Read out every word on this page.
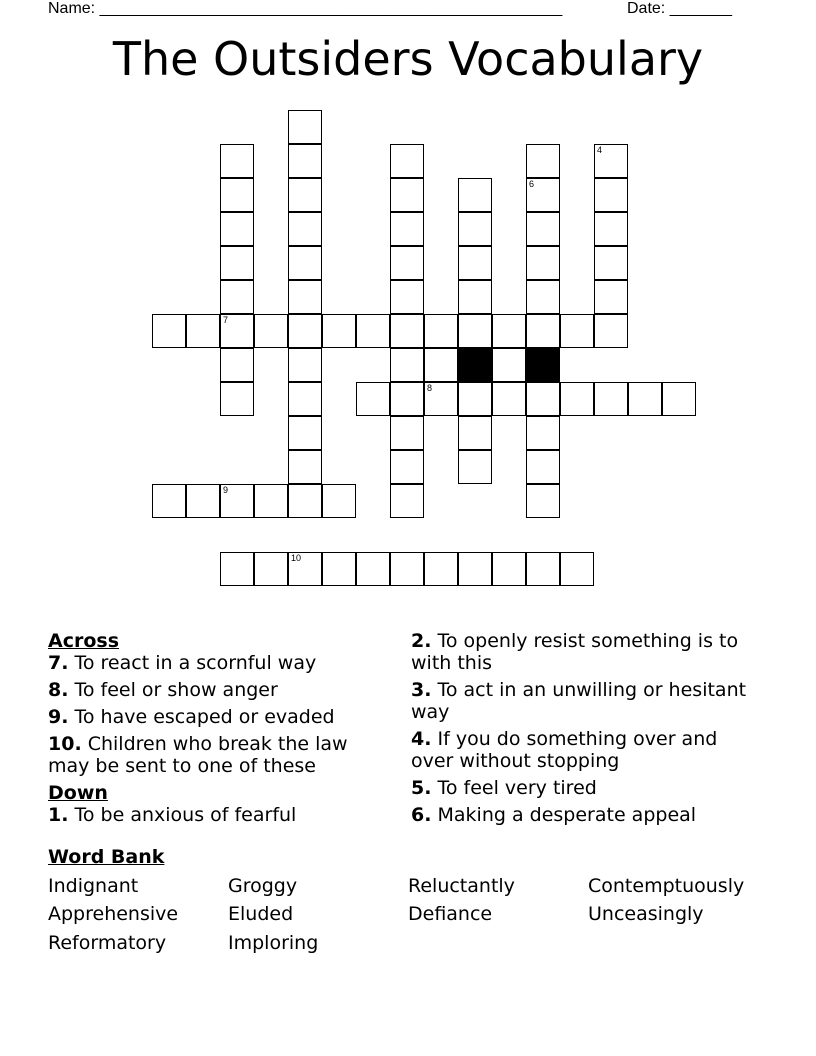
Name: ____________________________________________________	Date: _______
The Outsiders Vocabulary
7
6
4
8
9
10
Across
7. To react in a scornful way
8. To feel or show anger
9. To have escaped or evaded
10. Children who break the law may be sent to one of these
Down
1. To be anxious of fearful
2. To openly resist something is to with this
3. To act in an unwilling or hesitant way
4. If you do something over and over without stopping
5. To feel very tired
6. Making a desperate appeal
Word Bank
Indignant	Groggy	Reluctantly	Contemptuously
Apprehensive	Eluded	Defiance	Unceasingly
Reformatory	Imploring
